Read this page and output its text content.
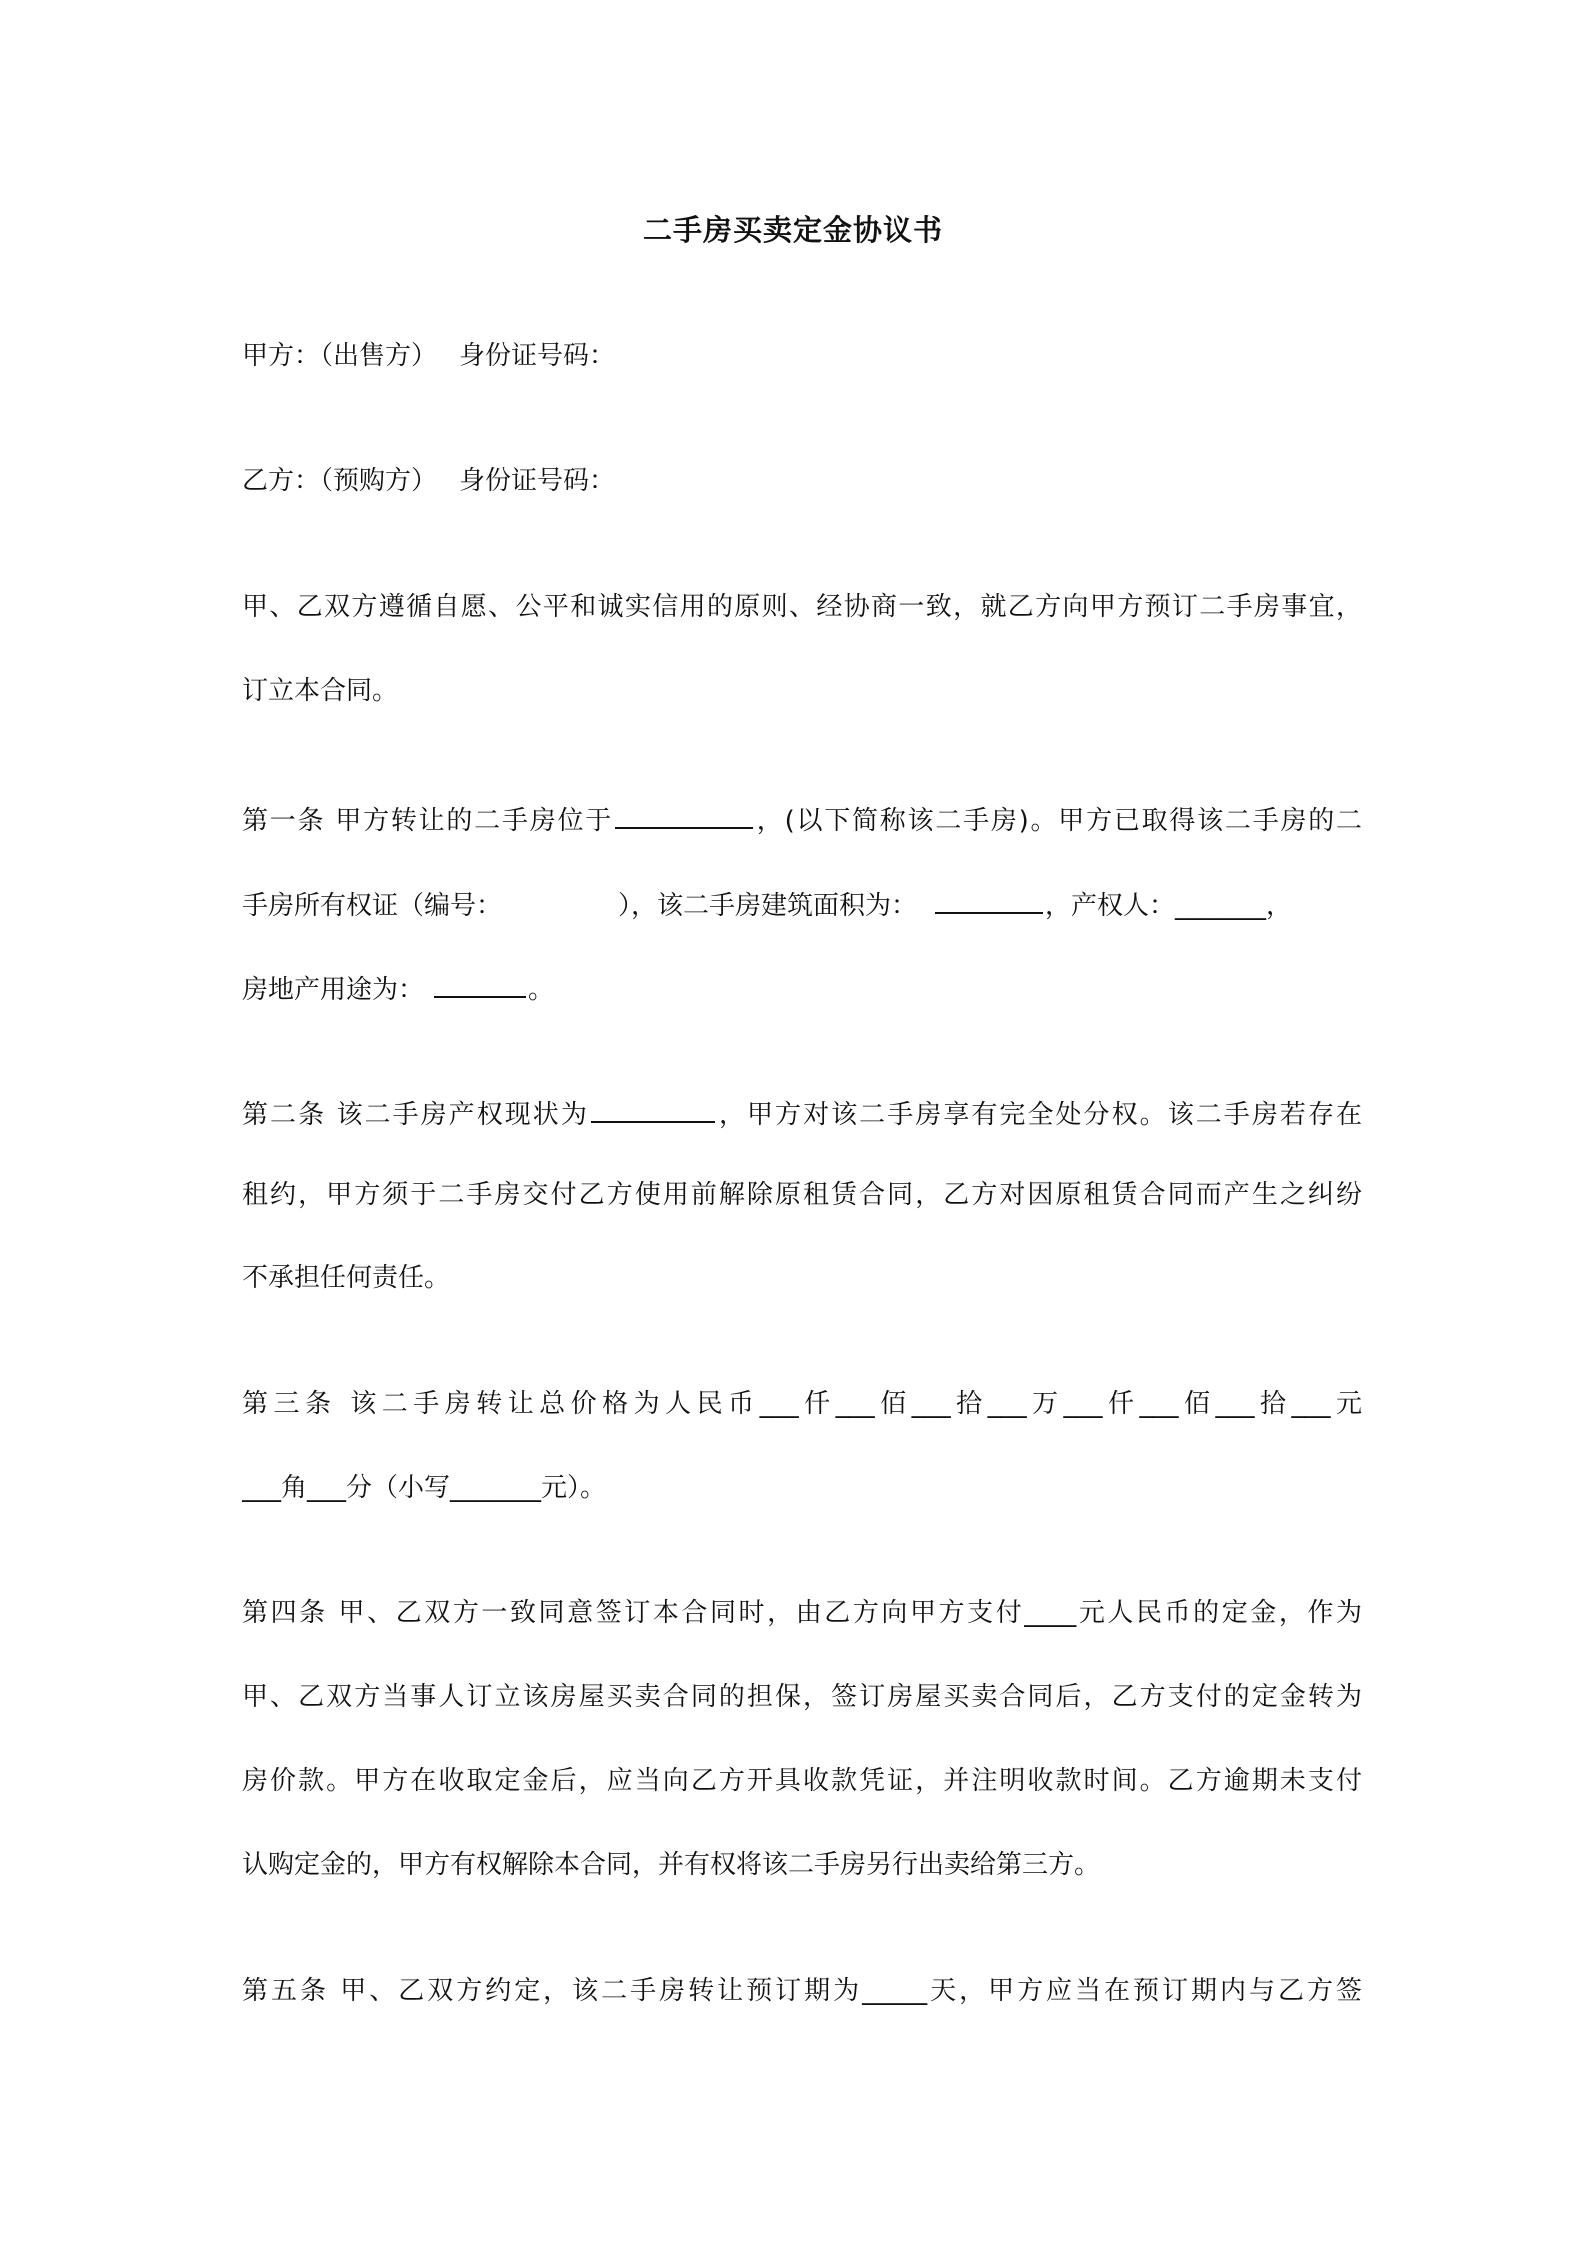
二手房买卖定金协议书
甲方：（出售方） 身份证号码：
乙方：（预购方） 身份证号码：
甲、乙双方遵循自愿、公平和诚实信用的原则、经协商一致，就乙方向甲方预订二手房事宜，
订立本合同。
第一条 甲方转让的二手房位于	，(以下简称该二手房)。甲方已取得该二手房的二
手房所有权证（编号：	），该二手房建筑面积为：	，产权人：_______，
房地产用途为：	。
第二条 该二手房产权现状为	，甲方对该二手房享有完全处分权。该二手房若存在
租约，甲方须于二手房交付乙方使用前解除原租赁合同，乙方对因原租赁合同而产生之纠纷
不承担任何责任。
第三条 该二手房转让总价格为人民币___仟___佰___拾___万___仟___佰___拾___元
___角___分（小写_______元）。
第四条 甲、乙双方一致同意签订本合同时，由乙方向甲方支付____元人民币的定金，作为
甲、乙双方当事人订立该房屋买卖合同的担保，签订房屋买卖合同后，乙方支付的定金转为
房价款。甲方在收取定金后，应当向乙方开具收款凭证，并注明收款时间。乙方逾期未支付
认购定金的，甲方有权解除本合同，并有权将该二手房另行出卖给第三方。
第五条 甲、乙双方约定，该二手房转让预订期为_____天，甲方应当在预订期内与乙方签
